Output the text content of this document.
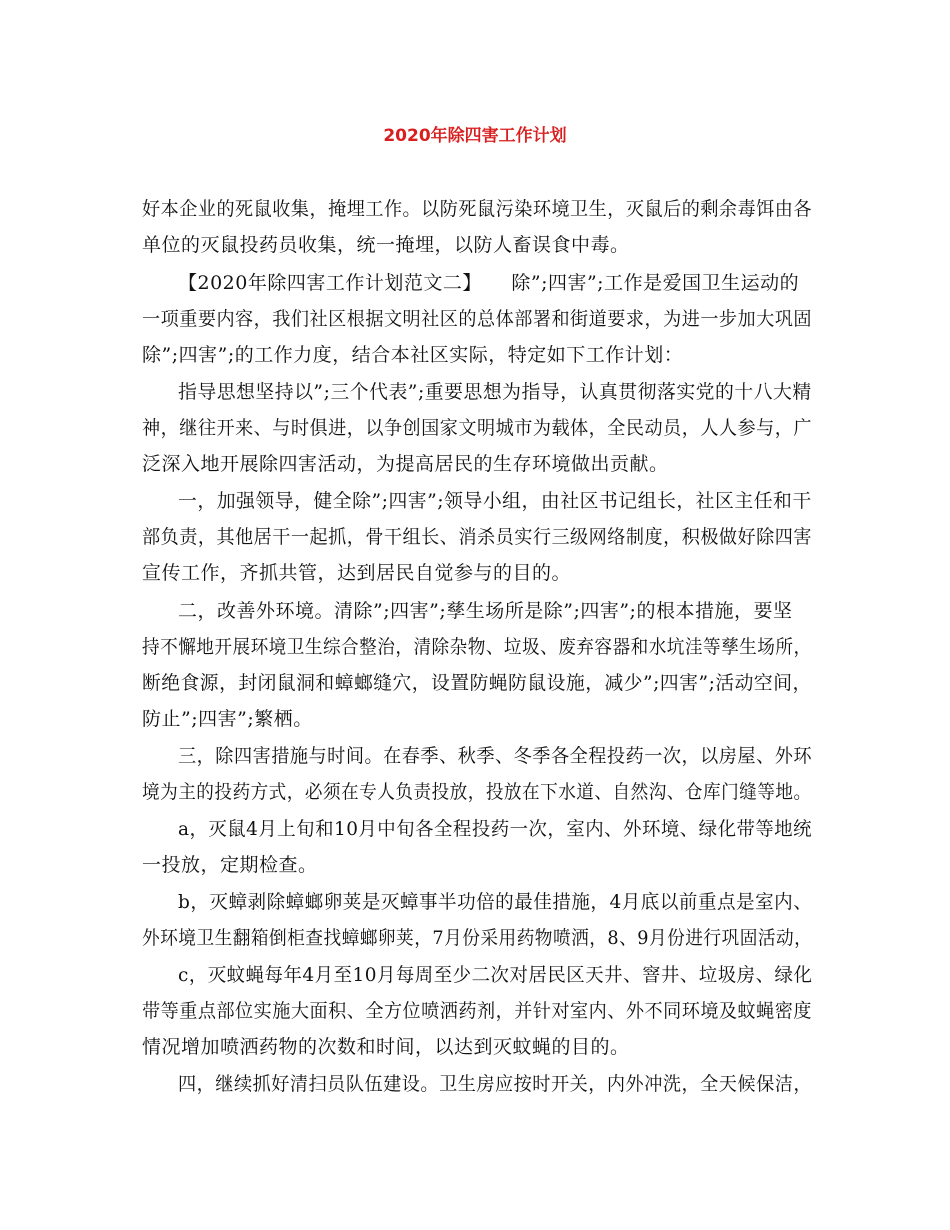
2020年除四害工作计划
好本企业的死鼠收集，掩埋工作。以防死鼠污染环境卫生，灭鼠后的剩余毒饵由各
单位的灭鼠投药员收集，统一掩埋，以防人畜误食中毒。
【2020年除四害工作计划范文二】　　除”;四害”;工作是爱国卫生运动的
一项重要内容，我们社区根据文明社区的总体部署和街道要求，为进一步加大巩固
除”;四害”;的工作力度，结合本社区实际，特定如下工作计划：
指导思想坚持以”;三个代表”;重要思想为指导，认真贯彻落实党的十八大精
神，继往开来、与时俱进，以争创国家文明城市为载体，全民动员，人人参与，广
泛深入地开展除四害活动，为提高居民的生存环境做出贡献。
一，加强领导，健全除”;四害”;领导小组，由社区书记组长，社区主任和干
部负责，其他居干一起抓，骨干组长、消杀员实行三级网络制度，积极做好除四害
宣传工作，齐抓共管，达到居民自觉参与的目的。
二，改善外环境。清除”;四害”;孳生场所是除”;四害”;的根本措施，要坚
持不懈地开展环境卫生综合整治，清除杂物、垃圾、废弃容器和水坑洼等孳生场所，
断绝食源，封闭鼠洞和蟑螂缝穴，设置防蝇防鼠设施，减少”;四害”;活动空间，
防止”;四害”;繁栖。
三，除四害措施与时间。在春季、秋季、冬季各全程投药一次，以房屋、外环
境为主的投药方式，必须在专人负责投放，投放在下水道、自然沟、仓库门缝等地。
a，灭鼠4月上旬和10月中旬各全程投药一次，室内、外环境、绿化带等地统
一投放，定期检查。
b，灭蟑剥除蟑螂卵荚是灭蟑事半功倍的最佳措施，4月底以前重点是室内、
外环境卫生翻箱倒柜查找蟑螂卵荚，7月份采用药物喷洒，8、9月份进行巩固活动，
c，灭蚊蝇每年4月至10月每周至少二次对居民区天井、窨井、垃圾房、绿化
带等重点部位实施大面积、全方位喷洒药剂，并针对室内、外不同环境及蚊蝇密度
情况增加喷洒药物的次数和时间，以达到灭蚊蝇的目的。
四，继续抓好清扫员队伍建设。卫生房应按时开关，内外冲洗，全天候保洁，
